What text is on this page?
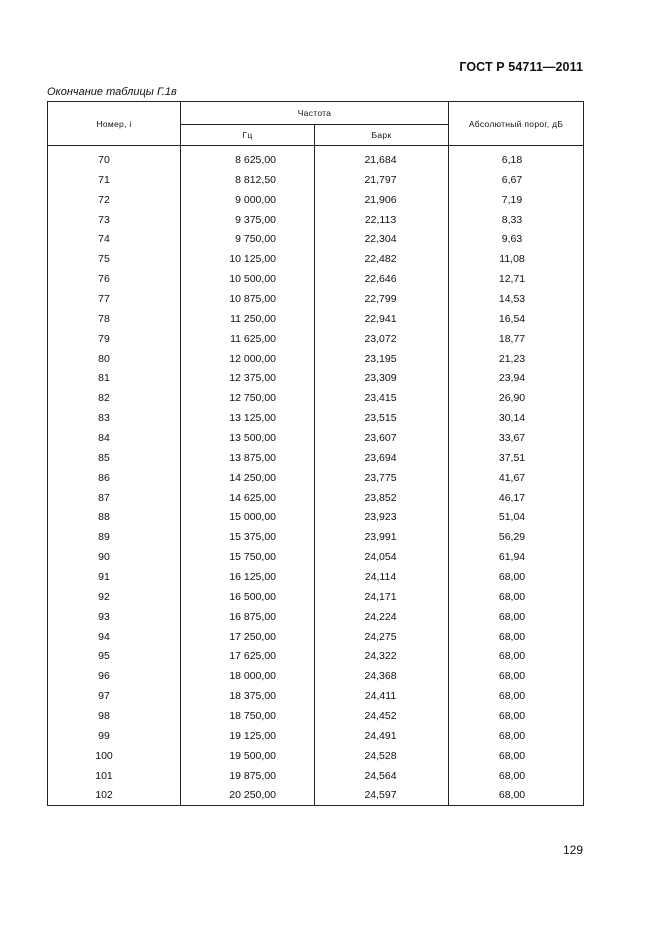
ГОСТ Р 54711—2011
Окончание таблицы Г.1в
Номер, i	Частота		Абсолютный порог, дБ
	Гц	Барк	
70	8 625,00	21,684	6,18
71	8 812,50	21,797	6,67
72	9 000,00	21,906	7,19
73	9 375,00	22,113	8,33
74	9 750,00	22,304	9,63
75	10 125,00	22,482	11,08
76	10 500,00	22,646	12,71
77	10 875,00	22,799	14,53
78	11 250,00	22,941	16,54
79	11 625,00	23,072	18,77
80	12 000,00	23,195	21,23
81	12 375,00	23,309	23,94
82	12 750,00	23,415	26,90
83	13 125,00	23,515	30,14
84	13 500,00	23,607	33,67
85	13 875,00	23,694	37,51
86	14 250,00	23,775	41,67
87	14 625,00	23,852	46,17
88	15 000,00	23,923	51,04
89	15 375,00	23,991	56,29
90	15 750,00	24,054	61,94
91	16 125,00	24,114	68,00
92	16 500,00	24,171	68,00
93	16 875,00	24,224	68,00
94	17 250,00	24,275	68,00
95	17 625,00	24,322	68,00
96	18 000,00	24,368	68,00
97	18 375,00	24,411	68,00
98	18 750,00	24,452	68,00
99	19 125,00	24,491	68,00
100	19 500,00	24,528	68,00
101	19 875,00	24,564	68,00
102	20 250,00	24,597	68,00
129
